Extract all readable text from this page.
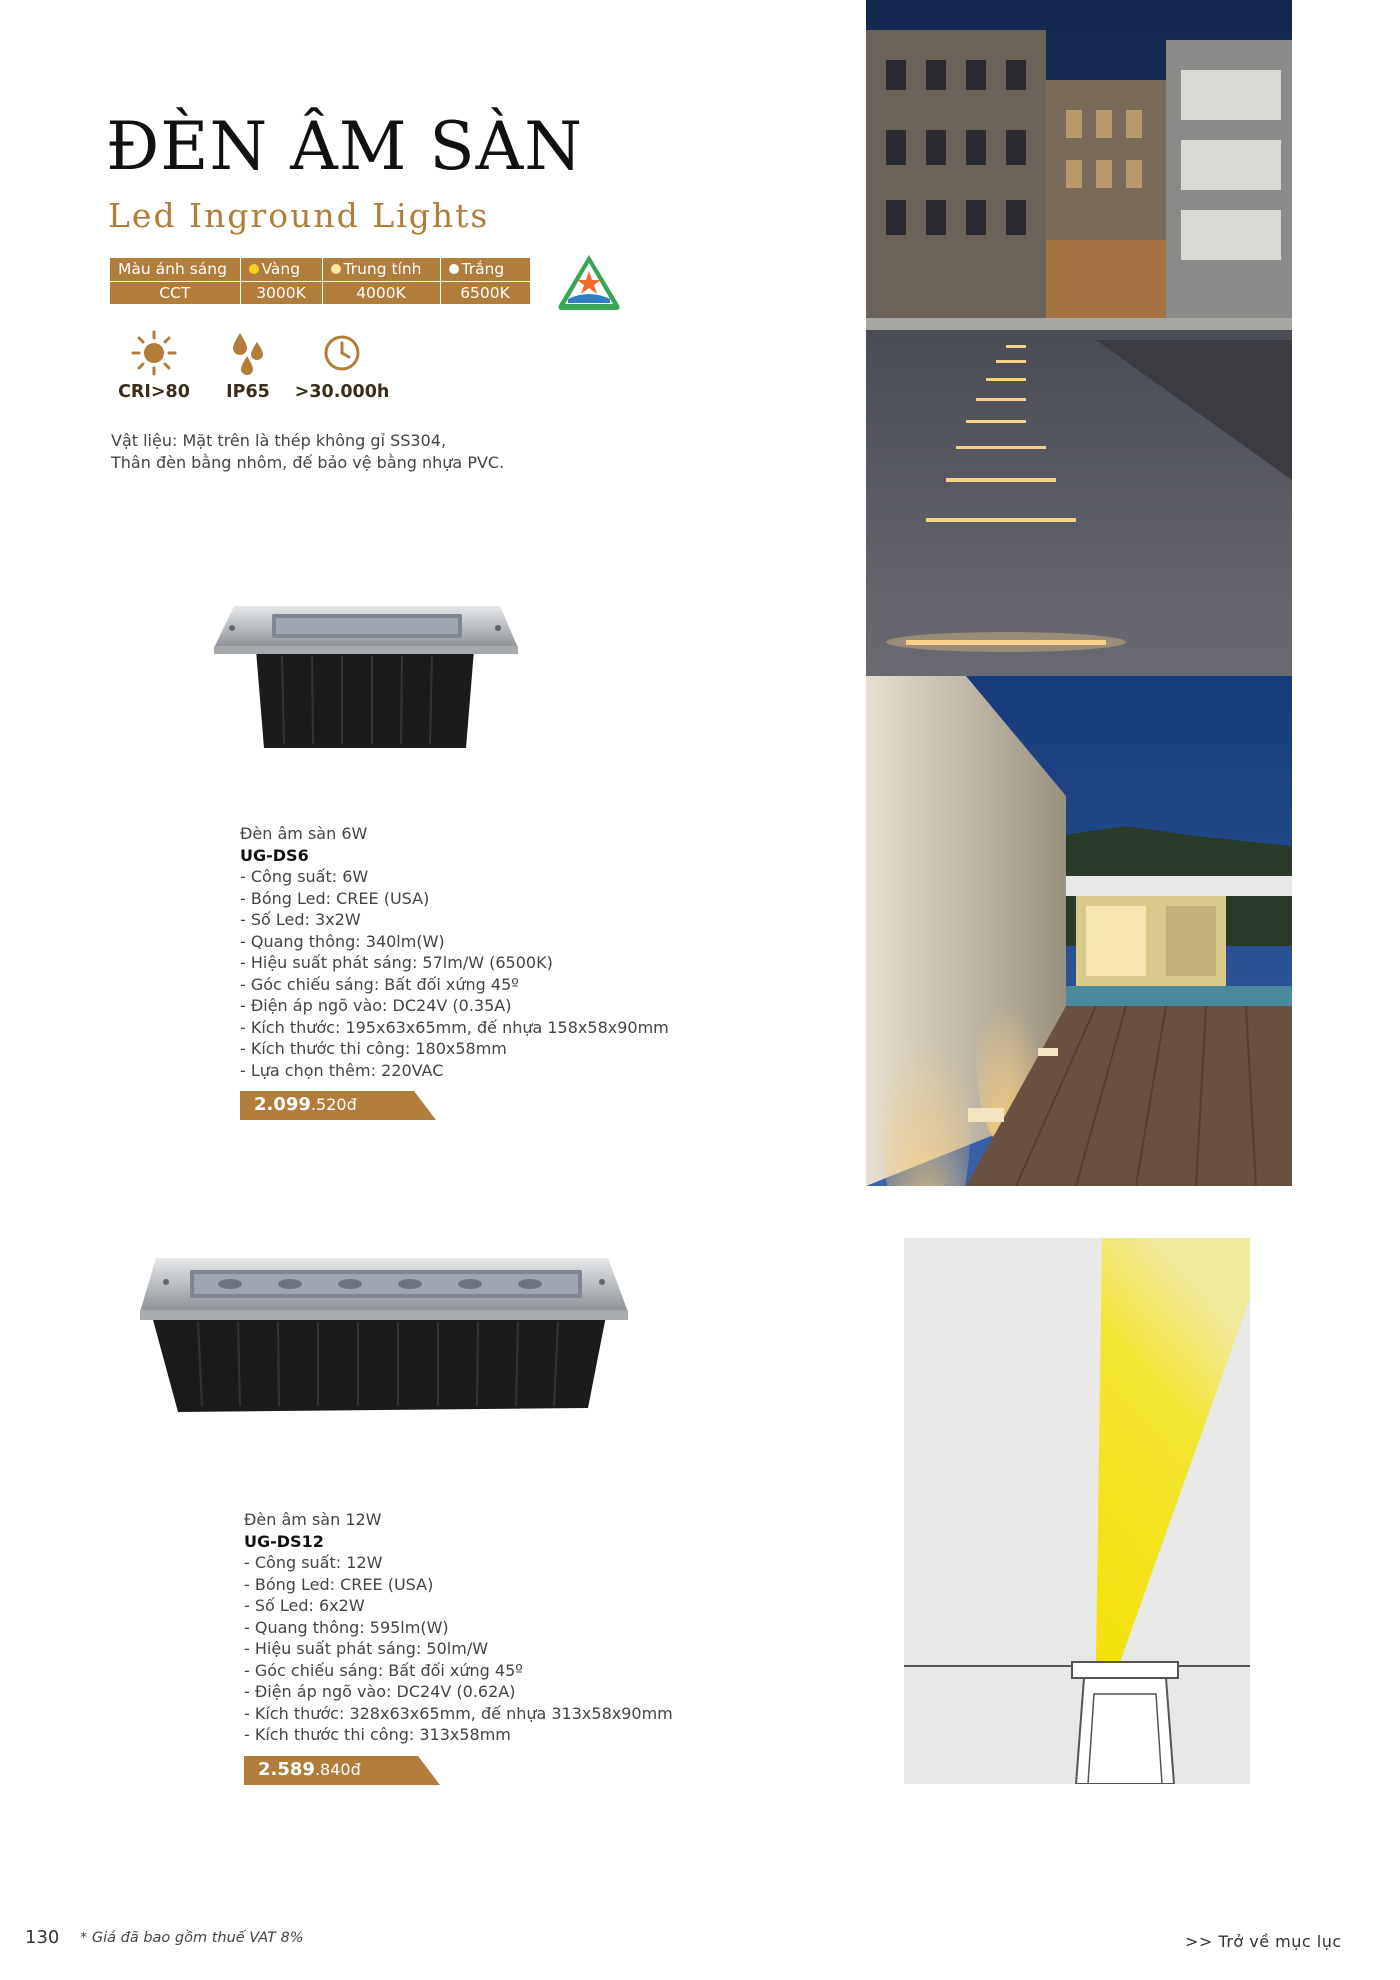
ĐÈN ÂM SÀN
Led Inground Lights
Màu ánh sáng	Vàng	Trung tính	Trắng
CCT	3000K	4000K	6500K
CRI>80	IP65	>30.000h
Vật liệu: Mặt trên là thép không gỉ SS304,
Thân đèn bằng nhôm, đế bảo vệ bằng nhựa PVC.
Đèn âm sàn 6W
UG-DS6
- Công suất: 6W
- Bóng Led: CREE (USA)
- Số Led: 3x2W
- Quang thông: 340lm(W)
- Hiệu suất phát sáng: 57lm/W (6500K)
- Góc chiếu sáng: Bất đối xứng 45º
- Điện áp ngõ vào: DC24V (0.35A)
- Kích thước: 195x63x65mm, đế nhựa 158x58x90mm
- Kích thước thi công: 180x58mm
- Lựa chọn thêm: 220VAC
2.099.520đ
Đèn âm sàn 12W
UG-DS12
- Công suất: 12W
- Bóng Led: CREE (USA)
- Số Led: 6x2W
- Quang thông: 595lm(W)
- Hiệu suất phát sáng: 50lm/W
- Góc chiếu sáng: Bất đối xứng 45º
- Điện áp ngõ vào: DC24V (0.62A)
- Kích thước: 328x63x65mm, đế nhựa 313x58x90mm
- Kích thước thi công: 313x58mm
2.589.840đ
130 * Giá đã bao gồm thuế VAT 8%	>> Trở về mục lục
